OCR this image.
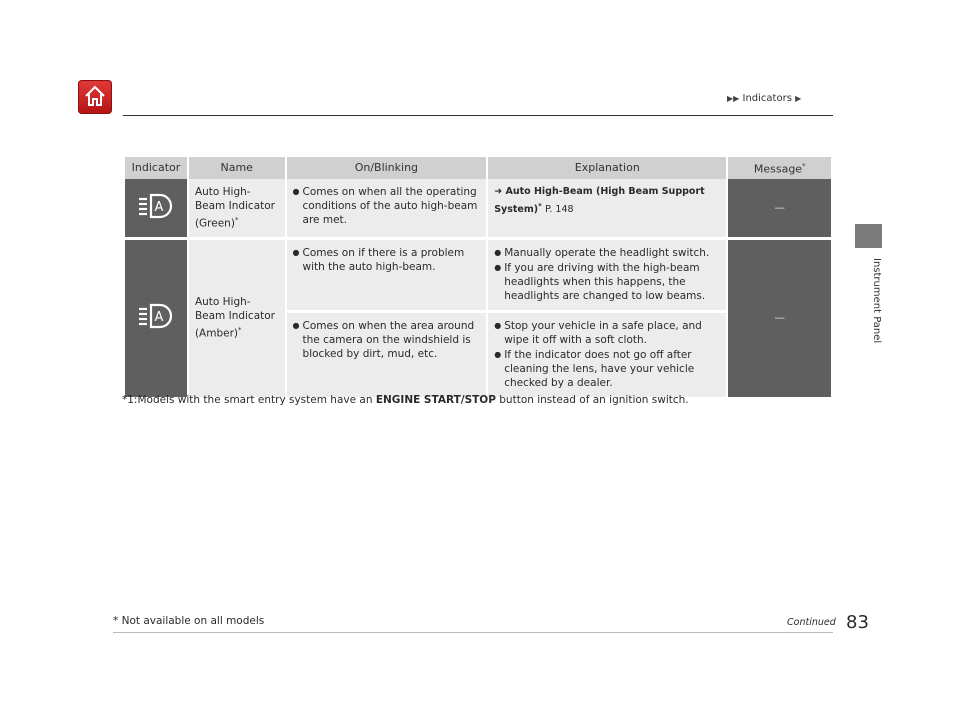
▶▶ Indicators ▶
Instrument Panel
Indicator	Name	On/Blinking	Explanation	Message*

A	Auto High-Beam Indicator (Green)*	● Comes on when all the operating conditions of the auto high-beam are met.	➜ Auto High-Beam (High Beam Support System)* P. 148	—

A	Auto High-Beam Indicator (Amber)*	● Comes on if there is a problem with the auto high-beam.	● Manually operate the headlight switch.
● If you are driving with the high-beam headlights when this happens, the headlights are changed to low beams.	—

		● Comes on when the area around the camera on the windshield is blocked by dirt, mud, etc.	● Stop your vehicle in a safe place, and wipe it off with a soft cloth.
● If the indicator does not go off after cleaning the lens, have your vehicle checked by a dealer.
*1:Models with the smart entry system have an ENGINE START/STOP button instead of an ignition switch.
* Not available on all models	Continued 83
